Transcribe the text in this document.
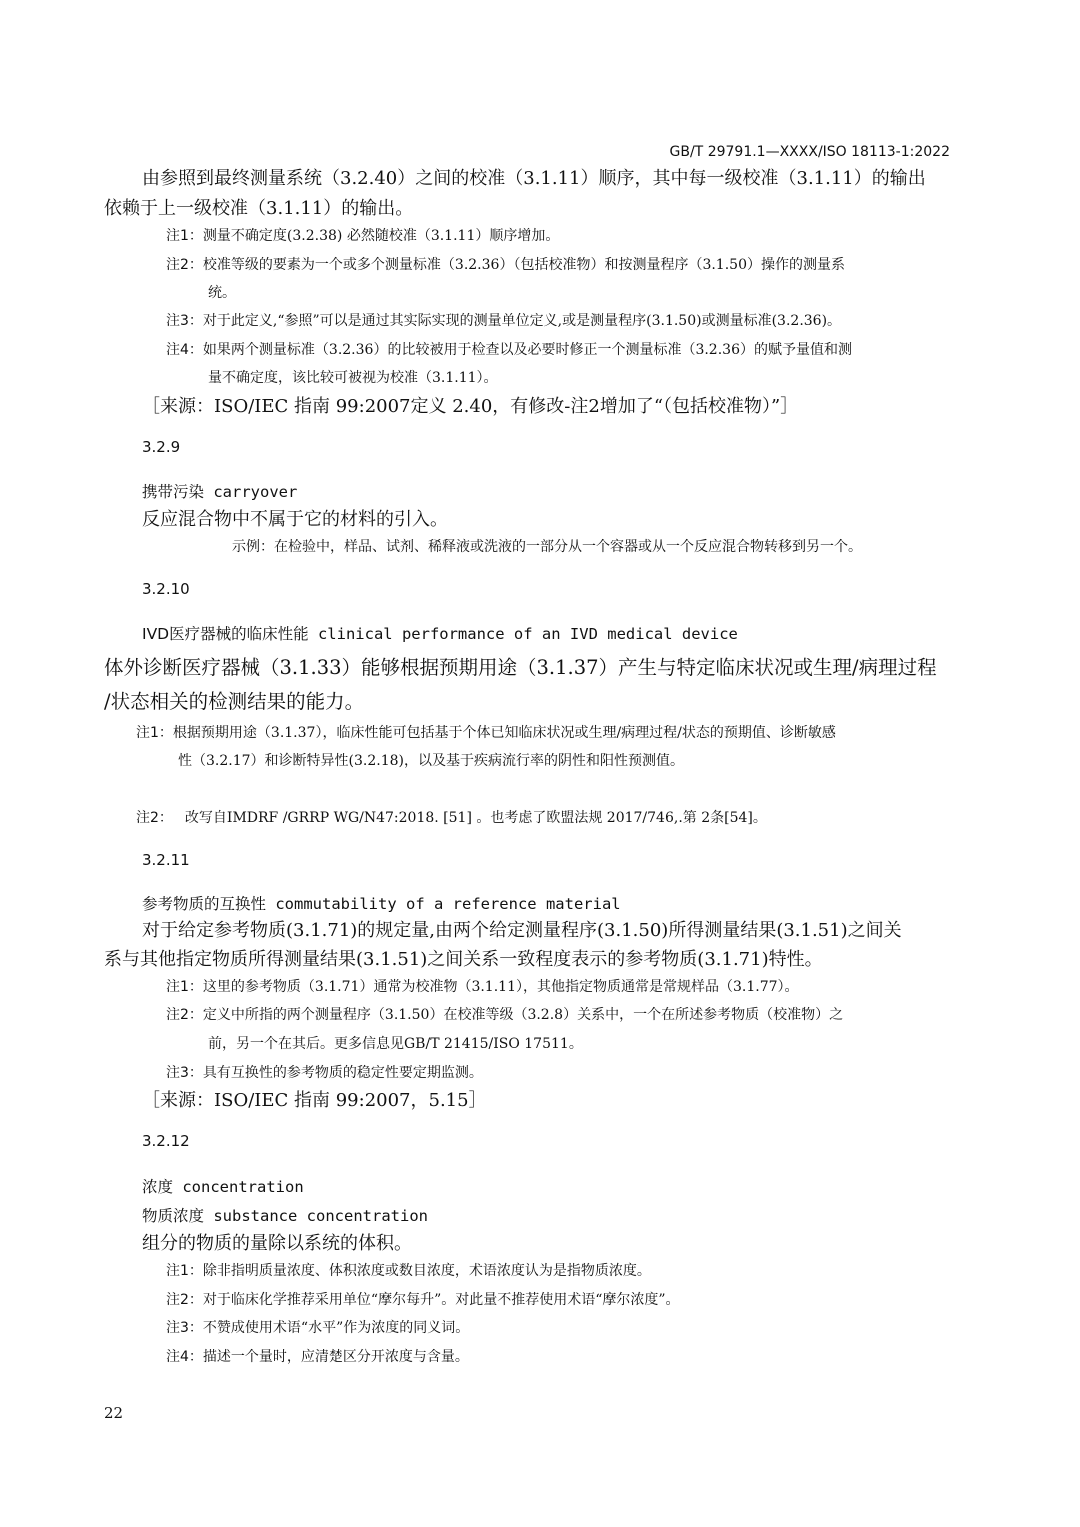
GB/T 29791.1—XXXX/ISO 18113-1:2022
由参照到最终测量系统（3.2.40）之间的校准（3.1.11）顺序，其中每一级校准（3.1.11）的输出
依赖于上一级校准（3.1.11）的输出。
注1：测量不确定度(3.2.38) 必然随校准（3.1.11）顺序增加。
注2：校准等级的要素为一个或多个测量标准（3.2.36）（包括校准物）和按测量程序（3.1.50）操作的测量系
统。
注3：对于此定义,“参照”可以是通过其实际实现的测量单位定义,或是测量程序(3.1.50)或测量标准(3.2.36)。
注4：如果两个测量标准（3.2.36）的比较被用于检查以及必要时修正一个测量标准（3.2.36）的赋予量值和测
量不确定度，该比较可被视为校准（3.1.11）。
［来源：ISO/IEC 指南 99:2007定义 2.40，有修改-注2增加了“（包括校准物）”］
3.2.9
携带污染 carryover
反应混合物中不属于它的材料的引入。
示例：在检验中，样品、试剂、稀释液或洗液的一部分从一个容器或从一个反应混合物转移到另一个。
3.2.10
IVD医疗器械的临床性能 clinical performance of an IVD medical device
体外诊断医疗器械（3.1.33）能够根据预期用途（3.1.37）产生与特定临床状况或生理/病理过程
/状态相关的检测结果的能力。
注1：根据预期用途（3.1.37），临床性能可包括基于个体已知临床状况或生理/病理过程/状态的预期值、诊断敏感
性（3.2.17）和诊断特异性(3.2.18)，以及基于疾病流行率的阴性和阳性预测值。
注2： 改写自IMDRF /GRRP WG/N47:2018. [51] 。也考虑了欧盟法规 2017/746,.第 2条[54]。
3.2.11
参考物质的互换性 commutability of a reference material
对于给定参考物质(3.1.71)的规定量,由两个给定测量程序(3.1.50)所得测量结果(3.1.51)之间关
系与其他指定物质所得测量结果(3.1.51)之间关系一致程度表示的参考物质(3.1.71)特性。
注1：这里的参考物质（3.1.71）通常为校准物（3.1.11），其他指定物质通常是常规样品（3.1.77）。
注2：定义中所指的两个测量程序（3.1.50）在校准等级（3.2.8）关系中，一个在所述参考物质（校准物）之
前，另一个在其后。更多信息见GB/T 21415/ISO 17511。
注3：具有互换性的参考物质的稳定性要定期监测。
［来源：ISO/IEC 指南 99:2007，5.15］
3.2.12
浓度 concentration
物质浓度 substance concentration
组分的物质的量除以系统的体积。
注1：除非指明质量浓度、体积浓度或数目浓度，术语浓度认为是指物质浓度。
注2：对于临床化学推荐采用单位“摩尔每升”。对此量不推荐使用术语“摩尔浓度”。
注3：不赞成使用术语“水平”作为浓度的同义词。
注4：描述一个量时，应清楚区分开浓度与含量。
22
